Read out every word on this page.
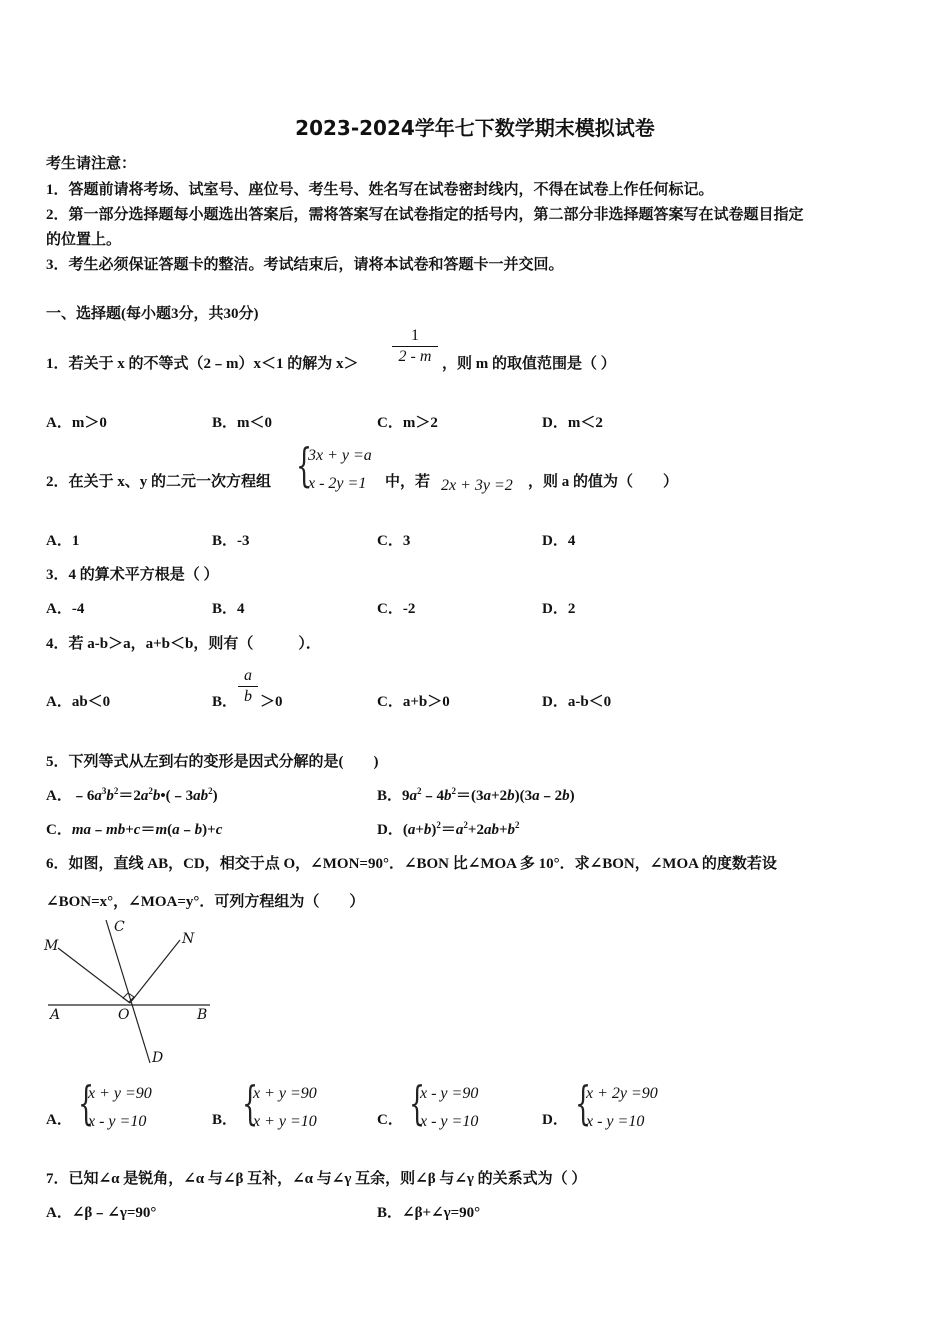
2023-2024学年七下数学期末模拟试卷
考生请注意：
1．答题前请将考场、试室号、座位号、考生号、姓名写在试卷密封线内，不得在试卷上作任何标记。
2．第一部分选择题每小题选出答案后，需将答案写在试卷指定的括号内，第二部分非选择题答案写在试卷题目指定
的位置上。
3．考生必须保证答题卡的整洁。考试结束后，请将本试卷和答题卡一并交回。
一、选择题(每小题3分，共30分)
1．若关于 x 的不等式（2﹣m）x＜1 的解为 $x> \frac{1}{2 - m}$ ，则 m 的取值范围是（ ）
A．m＞0	B．m＜0	C．m＞2	D．m＜2
2．在关于 x、y 的二元一次方程组 {
3x + y =a
x - 2y =1 中，若 2x + 3y =2 ，则 a 的值为（　　）
A．1	B．-3	C．3	D．4
3．4 的算术平方根是（ ）
A．-4	B．4	C．-2	D．2
4．若 a-b＞a，a+b＜b，则有（　　　）．
A．ab＜0	B． $\frac{a}{b} >0$	C．a+b＞0	D．a-b＜0
5．下列等式从左到右的变形是因式分解的是(　　)
A．$﹣6a^3b^2=2a^2b•(﹣3ab^2)$	B．$9a^2﹣4b^2=(3a+2b)(3a﹣2b)$
C．ma﹣mb+c＝m(a﹣b)+c	D．$(a+b)^2=a^2+2ab+b^2$
6．如图，直线 AB，CD，相交于点 O，∠MON=90°．∠BON 比∠MOA 多 10°．求∠BON，∠MOA 的度数若设
∠BON=x°，∠MOA=y°．可列方程组为（　　）
M
C
N
A	O	B
D
A． {
x + y =90
x - y =10	B． {
x + y =90
x + y =10	C． {
x - y =90
x - y =10	D． {
x + 2y =90
x - y =10
7．已知∠α 是锐角，∠α 与∠β 互补，∠α 与∠γ 互余，则∠β 与∠γ 的关系式为（ ）
A．∠β﹣∠γ=90°	B．∠β+∠γ=90°
